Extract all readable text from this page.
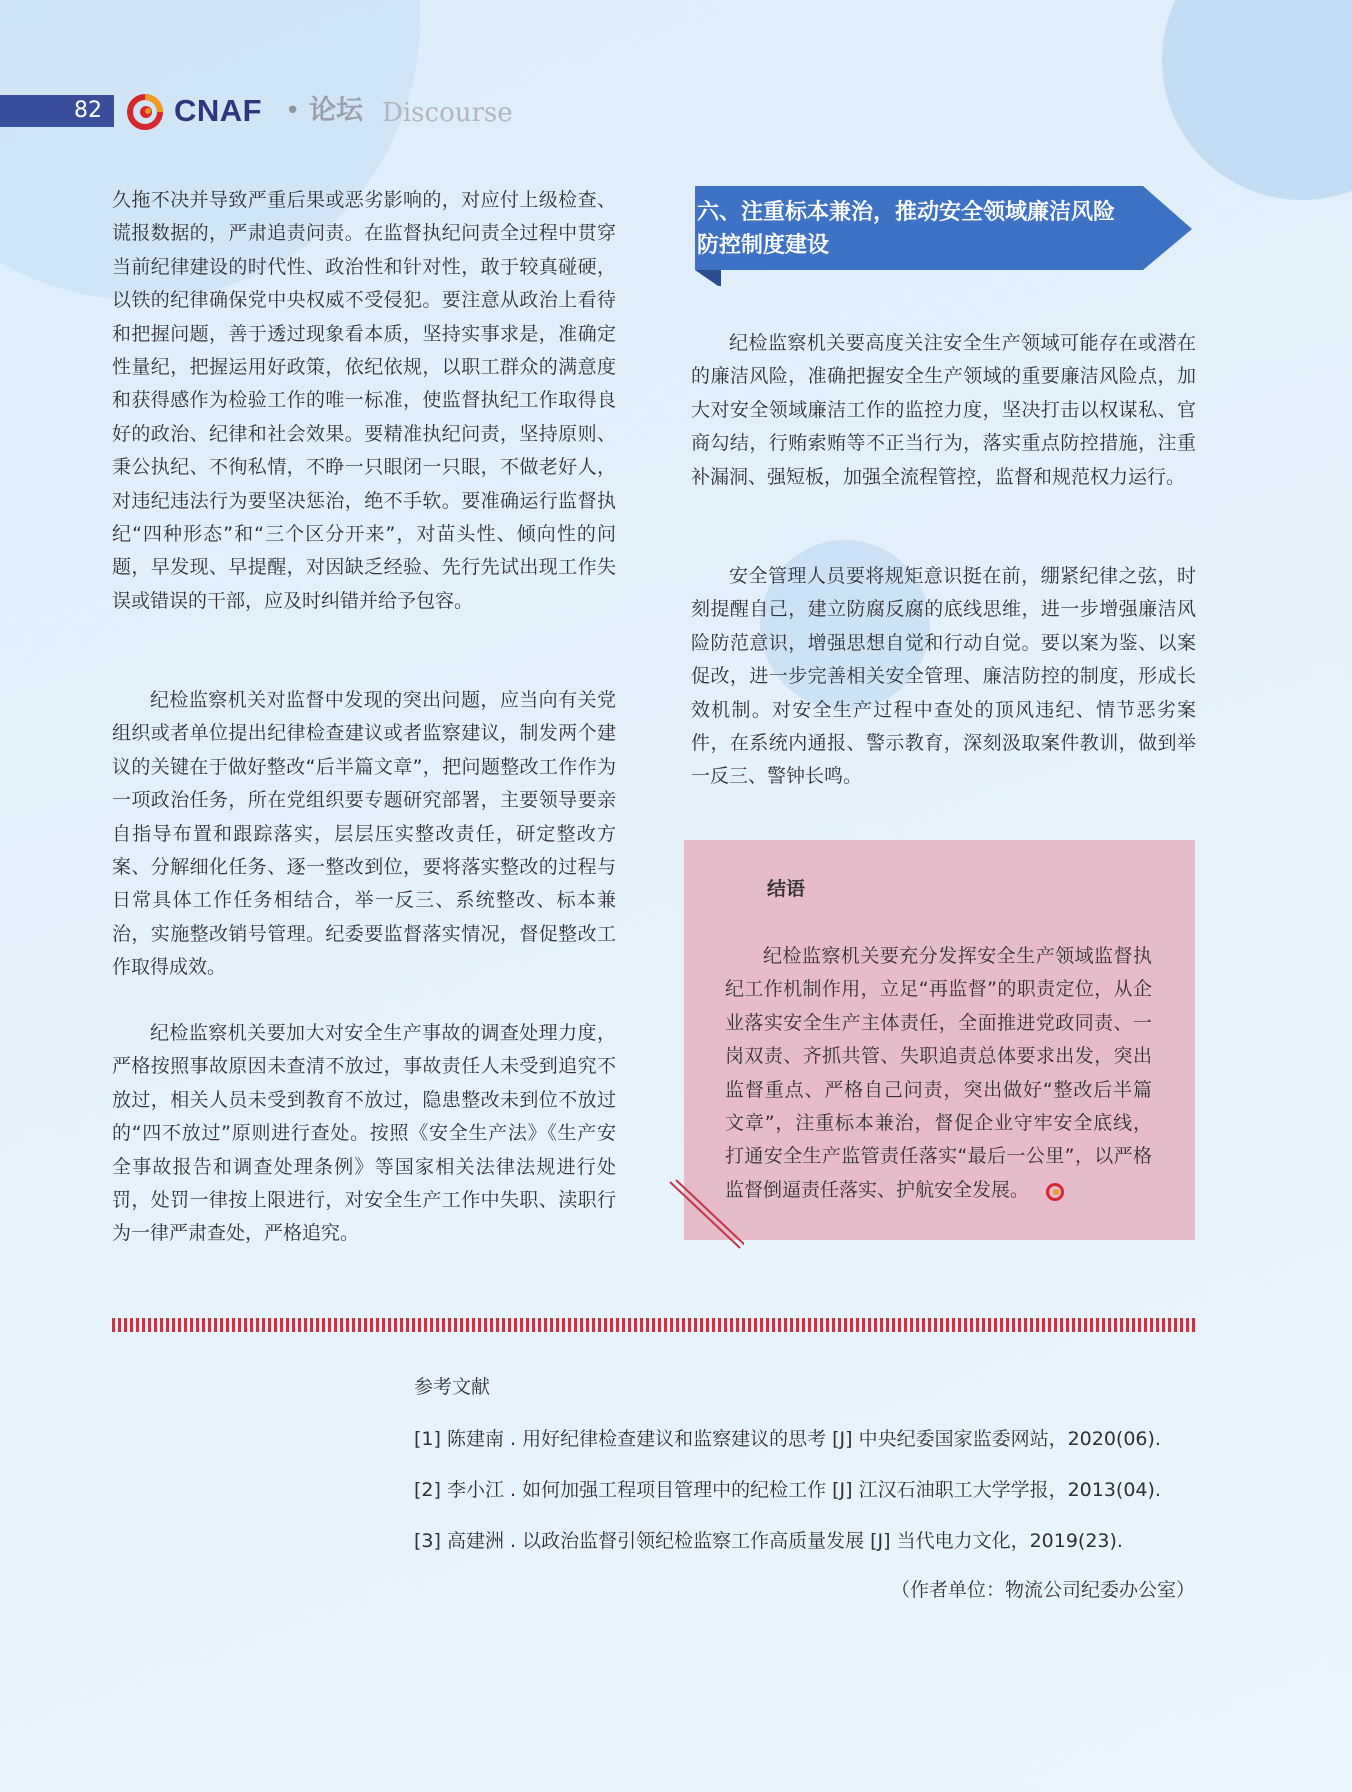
82 CNAF • 论坛 Discourse

久拖不决并导致严重后果或恶劣影响的，对应付上级检查、谎报数据的，严肃追责问责。在监督执纪问责全过程中贯穿当前纪律建设的时代性、政治性和针对性，敢于较真碰硬，以铁的纪律确保党中央权威不受侵犯。要注意从政治上看待和把握问题，善于透过现象看本质，坚持实事求是，准确定性量纪，把握运用好政策，依纪依规，以职工群众的满意度和获得感作为检验工作的唯一标准，使监督执纪工作取得良好的政治、纪律和社会效果。要精准执纪问责，坚持原则、秉公执纪、不徇私情，不睁一只眼闭一只眼，不做老好人，对违纪违法行为要坚决惩治，绝不手软。要准确运行监督执纪“四种形态”和“三个区分开来”，对苗头性、倾向性的问题，早发现、早提醒，对因缺乏经验、先行先试出现工作失误或错误的干部，应及时纠错并给予包容。

纪检监察机关对监督中发现的突出问题，应当向有关党组织或者单位提出纪律检查建议或者监察建议，制发两个建议的关键在于做好整改“后半篇文章”，把问题整改工作作为一项政治任务，所在党组织要专题研究部署，主要领导要亲自指导布置和跟踪落实，层层压实整改责任，研定整改方案、分解细化任务、逐一整改到位，要将落实整改的过程与日常具体工作任务相结合，举一反三、系统整改、标本兼治，实施整改销号管理。纪委要监督落实情况，督促整改工作取得成效。

纪检监察机关要加大对安全生产事故的调查处理力度，严格按照事故原因未查清不放过，事故责任人未受到追究不放过，相关人员未受到教育不放过，隐患整改未到位不放过的“四不放过”原则进行查处。按照《安全生产法》《生产安全事故报告和调查处理条例》等国家相关法律法规进行处罚，处罚一律按上限进行，对安全生产工作中失职、渎职行为一律严肃查处，严格追究。

六、注重标本兼治，推动安全领域廉洁风险防控制度建设

纪检监察机关要高度关注安全生产领域可能存在或潜在的廉洁风险，准确把握安全生产领域的重要廉洁风险点，加大对安全领域廉洁工作的监控力度，坚决打击以权谋私、官商勾结，行贿索贿等不正当行为，落实重点防控措施，注重补漏洞、强短板，加强全流程管控，监督和规范权力运行。

安全管理人员要将规矩意识挺在前，绷紧纪律之弦，时刻提醒自己，建立防腐反腐的底线思维，进一步增强廉洁风险防范意识，增强思想自觉和行动自觉。要以案为鉴、以案促改，进一步完善相关安全管理、廉洁防控的制度，形成长效机制。对安全生产过程中查处的顶风违纪、情节恶劣案件，在系统内通报、警示教育，深刻汲取案件教训，做到举一反三、警钟长鸣。

结语

纪检监察机关要充分发挥安全生产领域监督执纪工作机制作用，立足“再监督”的职责定位，从企业落实安全生产主体责任，全面推进党政同责、一岗双责、齐抓共管、失职追责总体要求出发，突出监督重点、严格自己问责，突出做好“整改后半篇文章”，注重标本兼治，督促企业守牢安全底线，打通安全生产监管责任落实“最后一公里”，以严格监督倒逼责任落实、护航安全发展。

参考文献

[1] 陈建南 . 用好纪律检查建议和监察建议的思考 [J] 中央纪委国家监委网站，2020(06).

[2] 李小江 . 如何加强工程项目管理中的纪检工作 [J] 江汉石油职工大学学报，2013(04).

[3] 高建洲 . 以政治监督引领纪检监察工作高质量发展 [J] 当代电力文化，2019(23).

（作者单位：物流公司纪委办公室）
